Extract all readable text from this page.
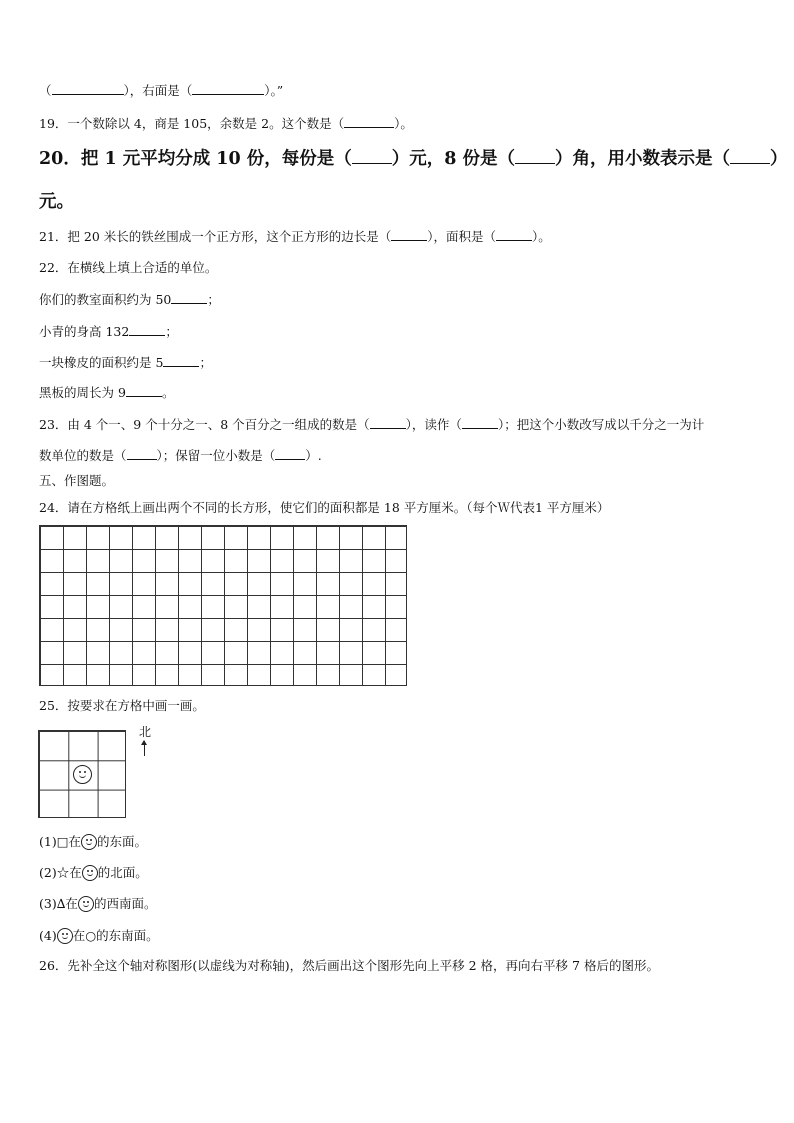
（	），右面是（	）。”
19．一个数除以 4，商是 105，余数是 2。这个数是（	）。
20．把 1 元平均分成 10 份，每份是（ ）元，8 份是（ ）角，用小数表示是（ ）
元。
21．把 20 米长的铁丝围成一个正方形，这个正方形的边长是（	），面积是（	）。
22．在横线上填上合适的单位。
你们的教室面积约为 50	；
小青的身高 132	；
一块橡皮的面积约是 5	；
黑板的周长为 9	。
23．由 4 个一、9 个十分之一、8 个百分之一组成的数是（	），读作（	）；把这个小数改写成以千分之一为计
数单位的数是（ ）；保留一位小数是（ ）.
五、作图题。
24．请在方格纸上画出两个不同的长方形，使它们的面积都是 18 平方厘米。（每个Ｗ代表1 平方厘米）
25．按要求在方格中画一画。
北
(1)□在 的东面。
(2)☆在 的北面。
(3)∆在 的西南面。
(4) 在○的东南面。
26．先补全这个轴对称图形(以虚线为对称轴)，然后画出这个图形先向上平移 2 格，再向右平移 7 格后的图形。
